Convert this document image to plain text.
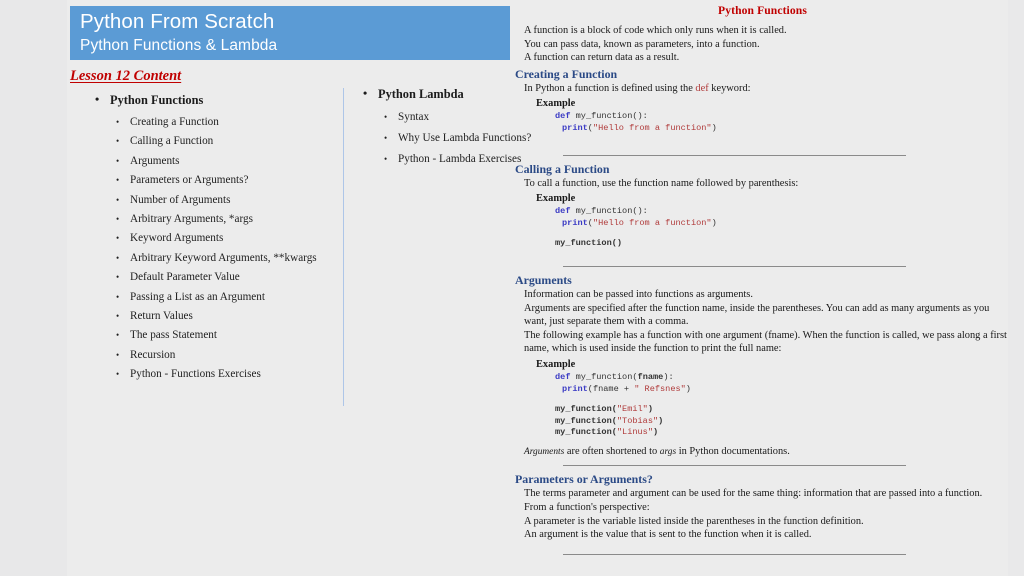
Python From Scratch
Python Functions & Lambda
Lesson 12 Content
• Python Functions
• Creating a Function
• Calling a Function
• Arguments
• Parameters or Arguments?
• Number of Arguments
• Arbitrary Arguments, *args
• Keyword Arguments
• Arbitrary Keyword Arguments, **kwargs
• Default Parameter Value
• Passing a List as an Argument
• Return Values
• The pass Statement
• Recursion
• Python - Functions Exercises
• Python Lambda
• Syntax
• Why Use Lambda Functions?
• Python - Lambda Exercises
Python Functions

A function is a block of code which only runs when it is called.

You can pass data, known as parameters, into a function.

A function can return data as a result.

Creating a Function

In Python a function is defined using the def keyword:

Example

def my_function():
print("Hello from a function")
Calling a Function

To call a function, use the function name followed by parenthesis:

Example

def my_function():
print("Hello from a function")
my_function()
Arguments

Information can be passed into functions as arguments.

Arguments are specified after the function name, inside the parentheses. You can add as many arguments as you want, just separate them with a comma.

The following example has a function with one argument (fname). When the function is called, we pass along a first name, which is used inside the function to print the full name:

Example

def my_function(fname):
print(fname + " Refsnes")
my_function("Emil")
my_function("Tobias")
my_function("Linus")

Arguments are often shortened to args in Python documentations.

Parameters or Arguments?

The terms parameter and argument can be used for the same thing: information that are passed into a function.

From a function's perspective:

A parameter is the variable listed inside the parentheses in the function definition.

An argument is the value that is sent to the function when it is called.
